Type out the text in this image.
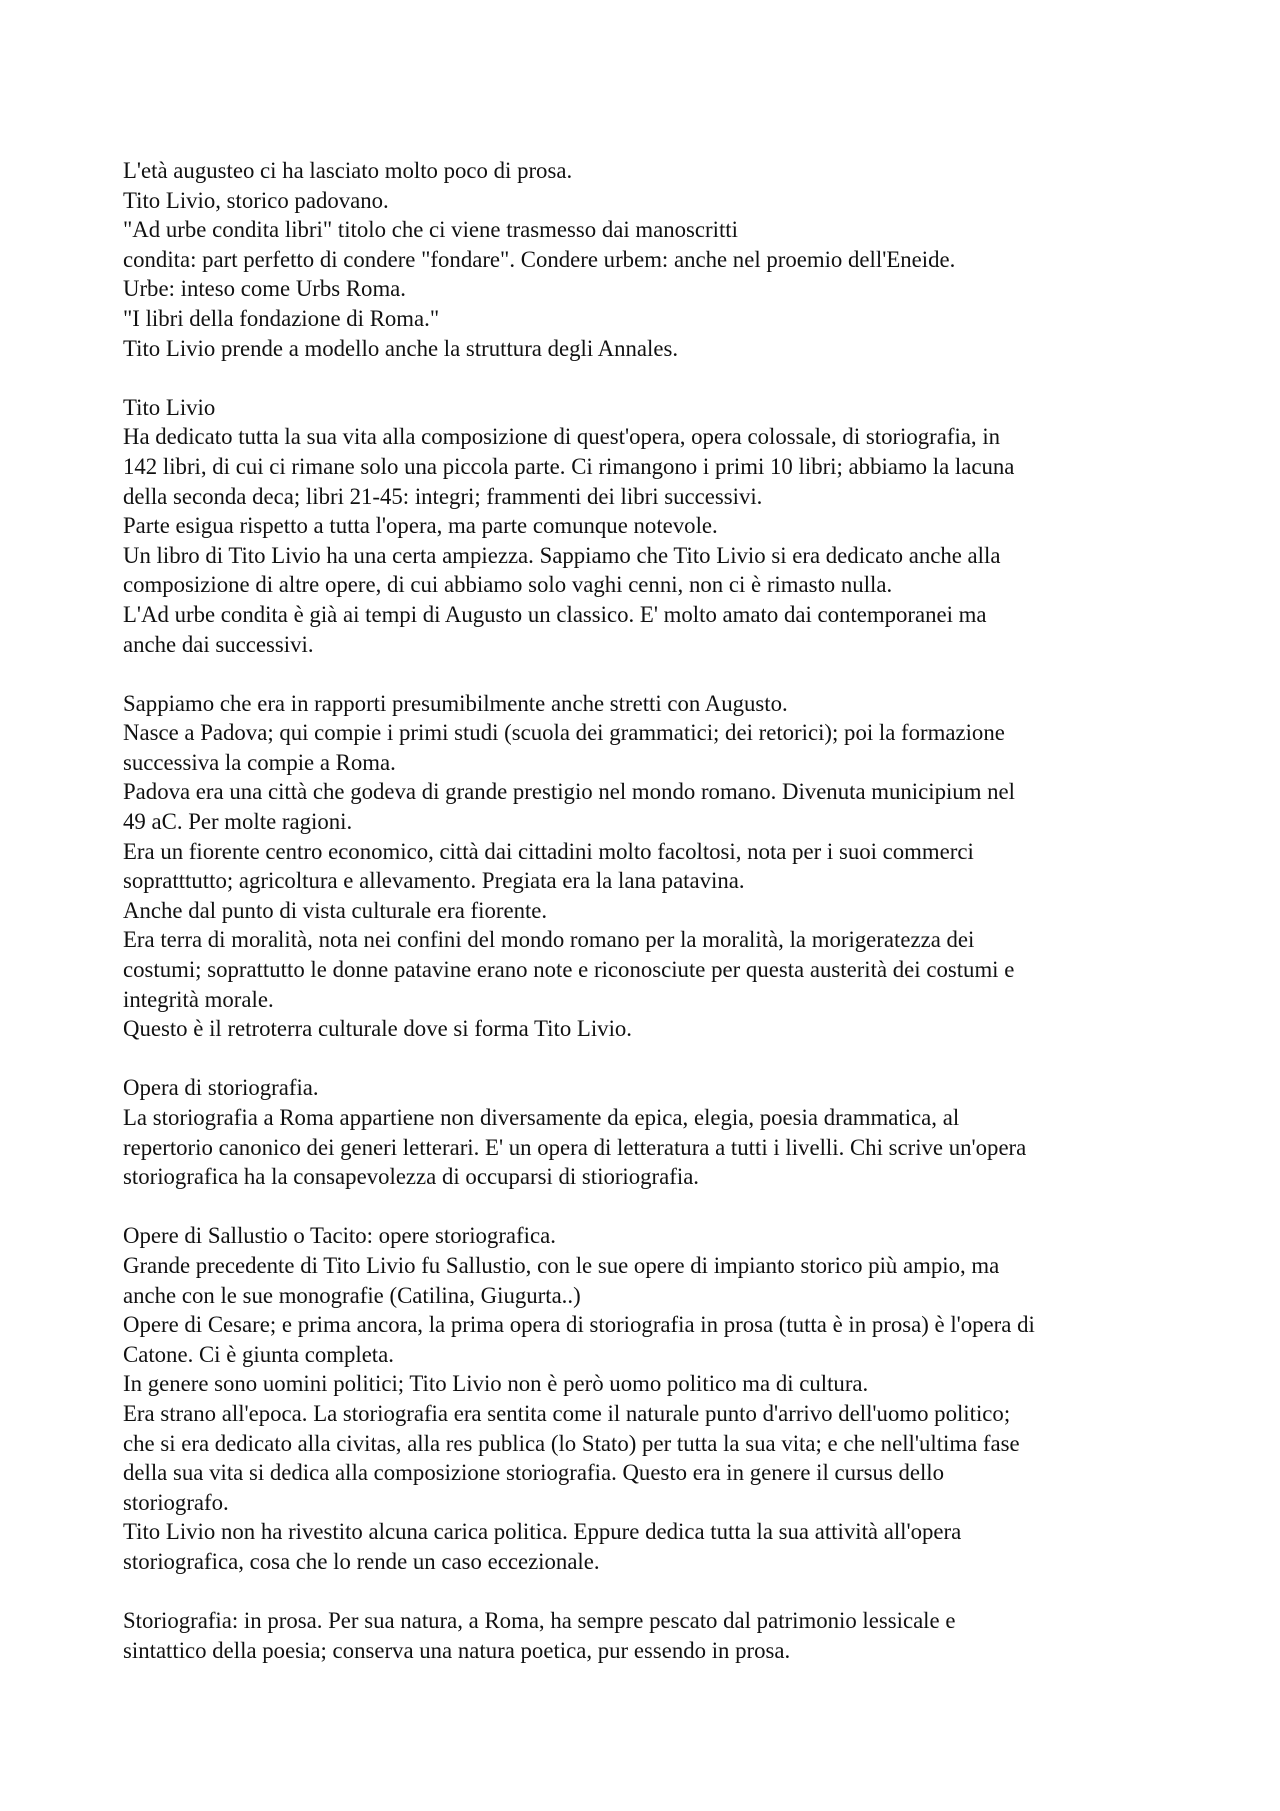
L'età augusteo ci ha lasciato molto poco di prosa.
Tito Livio, storico padovano.
"Ad urbe condita libri" titolo che ci viene trasmesso dai manoscritti
condita: part perfetto di condere "fondare". Condere urbem: anche nel proemio dell'Eneide.
Urbe: inteso come Urbs Roma.
"I libri della fondazione di Roma."
Tito Livio prende a modello anche la struttura degli Annales.
Tito Livio
Ha dedicato tutta la sua vita alla composizione di quest'opera, opera colossale, di storiografia, in
142 libri, di cui ci rimane solo una piccola parte. Ci rimangono i primi 10 libri; abbiamo la lacuna
della seconda deca; libri 21-45: integri; frammenti dei libri successivi.
Parte esigua rispetto a tutta l'opera, ma parte comunque notevole.
Un libro di Tito Livio ha una certa ampiezza. Sappiamo che Tito Livio si era dedicato anche alla
composizione di altre opere, di cui abbiamo solo vaghi cenni, non ci è rimasto nulla.
L'Ad urbe condita è già ai tempi di Augusto un classico. E' molto amato dai contemporanei ma
anche dai successivi.
Sappiamo che era in rapporti presumibilmente anche stretti con Augusto.
Nasce a Padova; qui compie i primi studi (scuola dei grammatici; dei retorici); poi la formazione
successiva la compie a Roma.
Padova era una città che godeva di grande prestigio nel mondo romano. Divenuta municipium nel
49 aC. Per molte ragioni.
Era un fiorente centro economico, città dai cittadini molto facoltosi, nota per i suoi commerci
sopratttutto; agricoltura e allevamento. Pregiata era la lana patavina.
Anche dal punto di vista culturale era fiorente.
Era terra di moralità, nota nei confini del mondo romano per la moralità, la morigeratezza dei
costumi; soprattutto le donne patavine erano note e riconosciute per questa austerità dei costumi e
integrità morale.
Questo è il retroterra culturale dove si forma Tito Livio.
Opera di storiografia.
La storiografia a Roma appartiene non diversamente da epica, elegia, poesia drammatica, al
repertorio canonico dei generi letterari. E' un opera di letteratura a tutti i livelli. Chi scrive un'opera
storiografica ha la consapevolezza di occuparsi di stioriografia.
Opere di Sallustio o Tacito: opere storiografica.
Grande precedente di Tito Livio fu Sallustio, con le sue opere di impianto storico più ampio, ma
anche con le sue monografie (Catilina, Giugurta..)
Opere di Cesare; e prima ancora, la prima opera di storiografia in prosa (tutta è in prosa) è l'opera di
Catone. Ci è giunta completa.
In genere sono uomini politici; Tito Livio non è però uomo politico ma di cultura.
Era strano all'epoca. La storiografia era sentita come il naturale punto d'arrivo dell'uomo politico;
che si era dedicato alla civitas, alla res publica (lo Stato) per tutta la sua vita; e che nell'ultima fase
della sua vita si dedica alla composizione storiografia. Questo era in genere il cursus dello
storiografo.
Tito Livio non ha rivestito alcuna carica politica. Eppure dedica tutta la sua attività all'opera
storiografica, cosa che lo rende un caso eccezionale.
Storiografia: in prosa. Per sua natura, a Roma, ha sempre pescato dal patrimonio lessicale e
sintattico della poesia; conserva una natura poetica, pur essendo in prosa.
